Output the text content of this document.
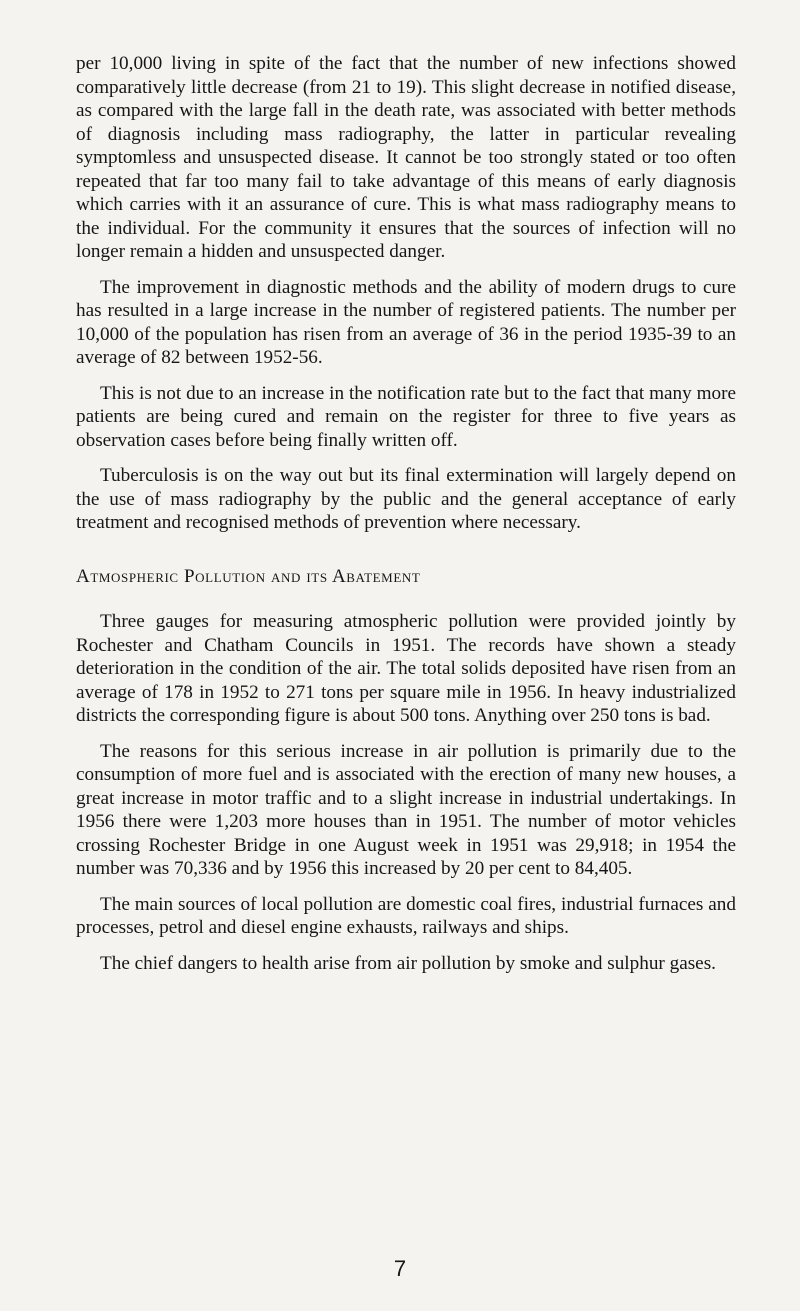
per 10,000 living in spite of the fact that the number of new infections showed comparatively little decrease (from 21 to 19). This slight decrease in notified disease, as compared with the large fall in the death rate, was associated with better methods of diagnosis including mass radiography, the latter in particular revealing symptomless and unsuspected disease. It cannot be too strongly stated or too often repeated that far too many fail to take advantage of this means of early diagnosis which carries with it an assurance of cure. This is what mass radiography means to the individual. For the community it ensures that the sources of infection will no longer remain a hidden and unsuspected danger.

The improvement in diagnostic methods and the ability of modern drugs to cure has resulted in a large increase in the number of registered patients. The number per 10,000 of the population has risen from an average of 36 in the period 1935-39 to an average of 82 between 1952-56.

This is not due to an increase in the notification rate but to the fact that many more patients are being cured and remain on the register for three to five years as observation cases before being finally written off.

Tuberculosis is on the way out but its final extermination will largely depend on the use of mass radiography by the public and the general acceptance of early treatment and recognised methods of prevention where necessary.

Atmospheric Pollution and its Abatement

Three gauges for measuring atmospheric pollution were provided jointly by Rochester and Chatham Councils in 1951. The records have shown a steady deterioration in the condition of the air. The total solids deposited have risen from an average of 178 in 1952 to 271 tons per square mile in 1956. In heavy industrialized districts the corresponding figure is about 500 tons. Anything over 250 tons is bad.

The reasons for this serious increase in air pollution is primarily due to the consumption of more fuel and is associated with the erection of many new houses, a great increase in motor traffic and to a slight increase in industrial undertakings. In 1956 there were 1,203 more houses than in 1951. The number of motor vehicles crossing Rochester Bridge in one August week in 1951 was 29,918; in 1954 the number was 70,336 and by 1956 this increased by 20 per cent to 84,405.

The main sources of local pollution are domestic coal fires, industrial furnaces and processes, petrol and diesel engine exhausts, railways and ships.

The chief dangers to health arise from air pollution by smoke and sulphur gases.

7
